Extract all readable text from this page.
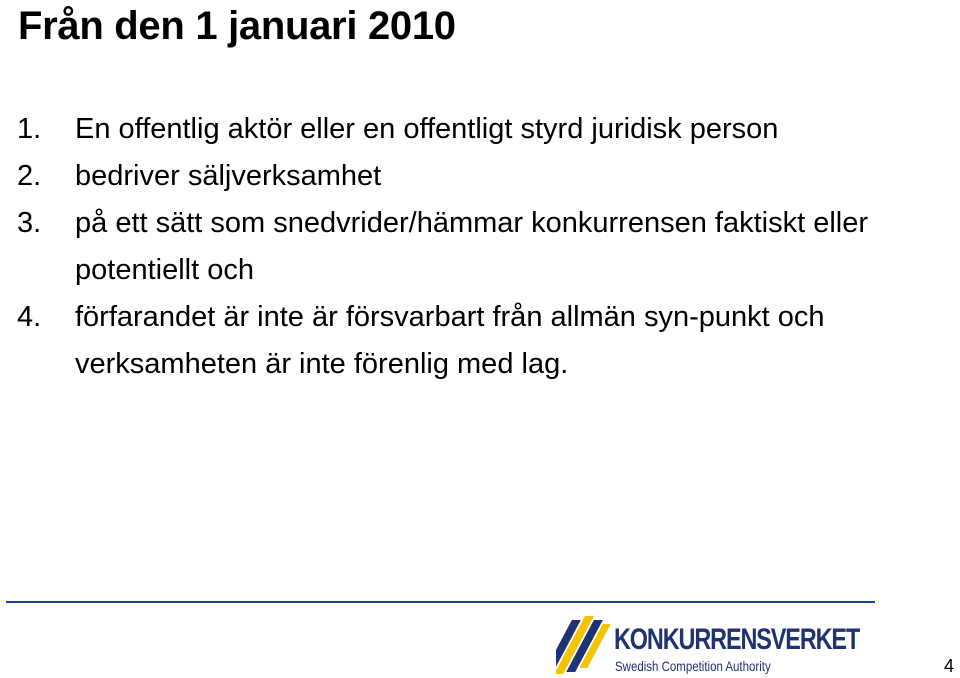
Från den 1 januari 2010
1.	En offentlig aktör eller en offentligt styrd juridisk person
2.	bedriver säljverksamhet
3.	på ett sätt som snedvrider/hämmar konkurrensen faktiskt eller potentiellt och
4.	förfarandet är inte är försvarbart från allmän syn-punkt och verksamheten är inte förenlig med lag.
KONKURRENSVERKET
Swedish Competition Authority	4
